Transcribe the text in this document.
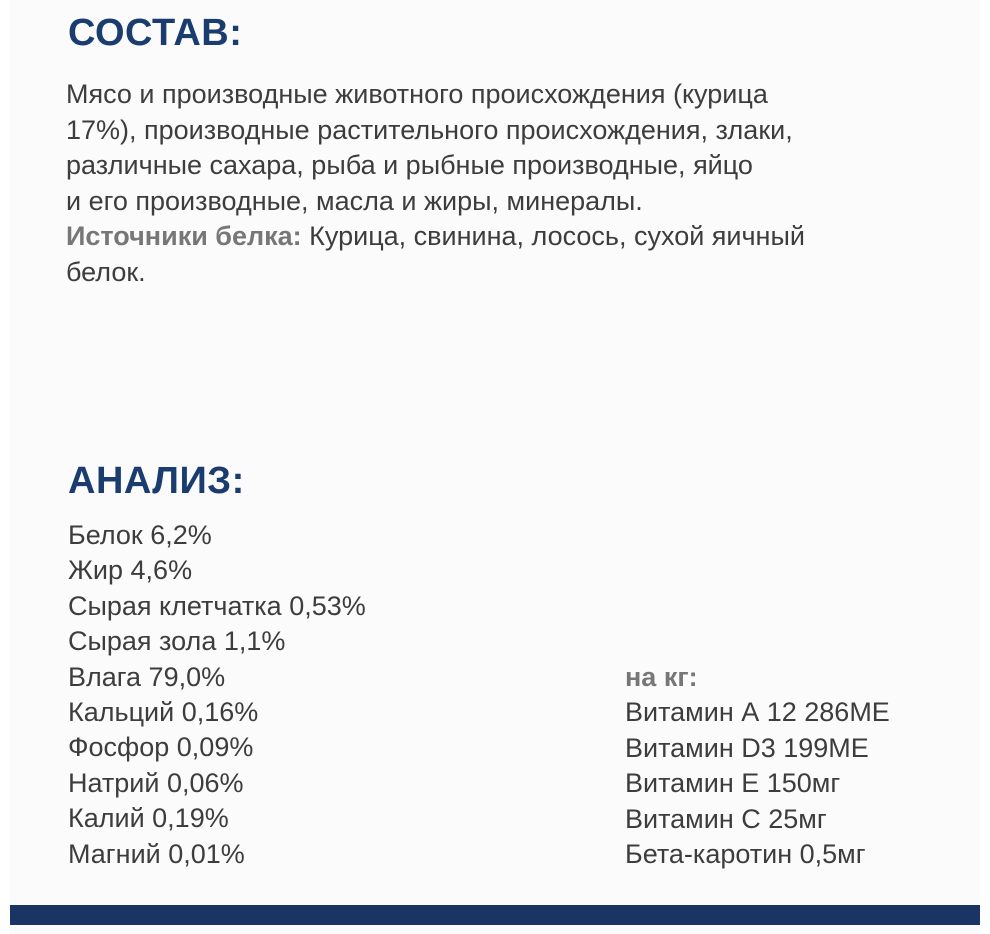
СОСТАВ:
Мясо и производные животного происхождения (курица
17%), производные растительного происхождения, злаки,
различные сахара, рыба и рыбные производные, яйцо
и его производные, масла и жиры, минералы.
Источники белка: Курица, свинина, лосось, сухой яичный
белок.
АНАЛИЗ:
Белок 6,2%
Жир 4,6%
Сырая клетчатка 0,53%
Сырая зола 1,1%
Влага 79,0%
Кальций 0,16%
Фосфор 0,09%
Натрий 0,06%
Калий 0,19%
Магний 0,01%
на кг:
Витамин А 12 286МЕ
Витамин D3 199МЕ
Витамин Е 150мг
Витамин С 25мг
Бета-каротин 0,5мг
